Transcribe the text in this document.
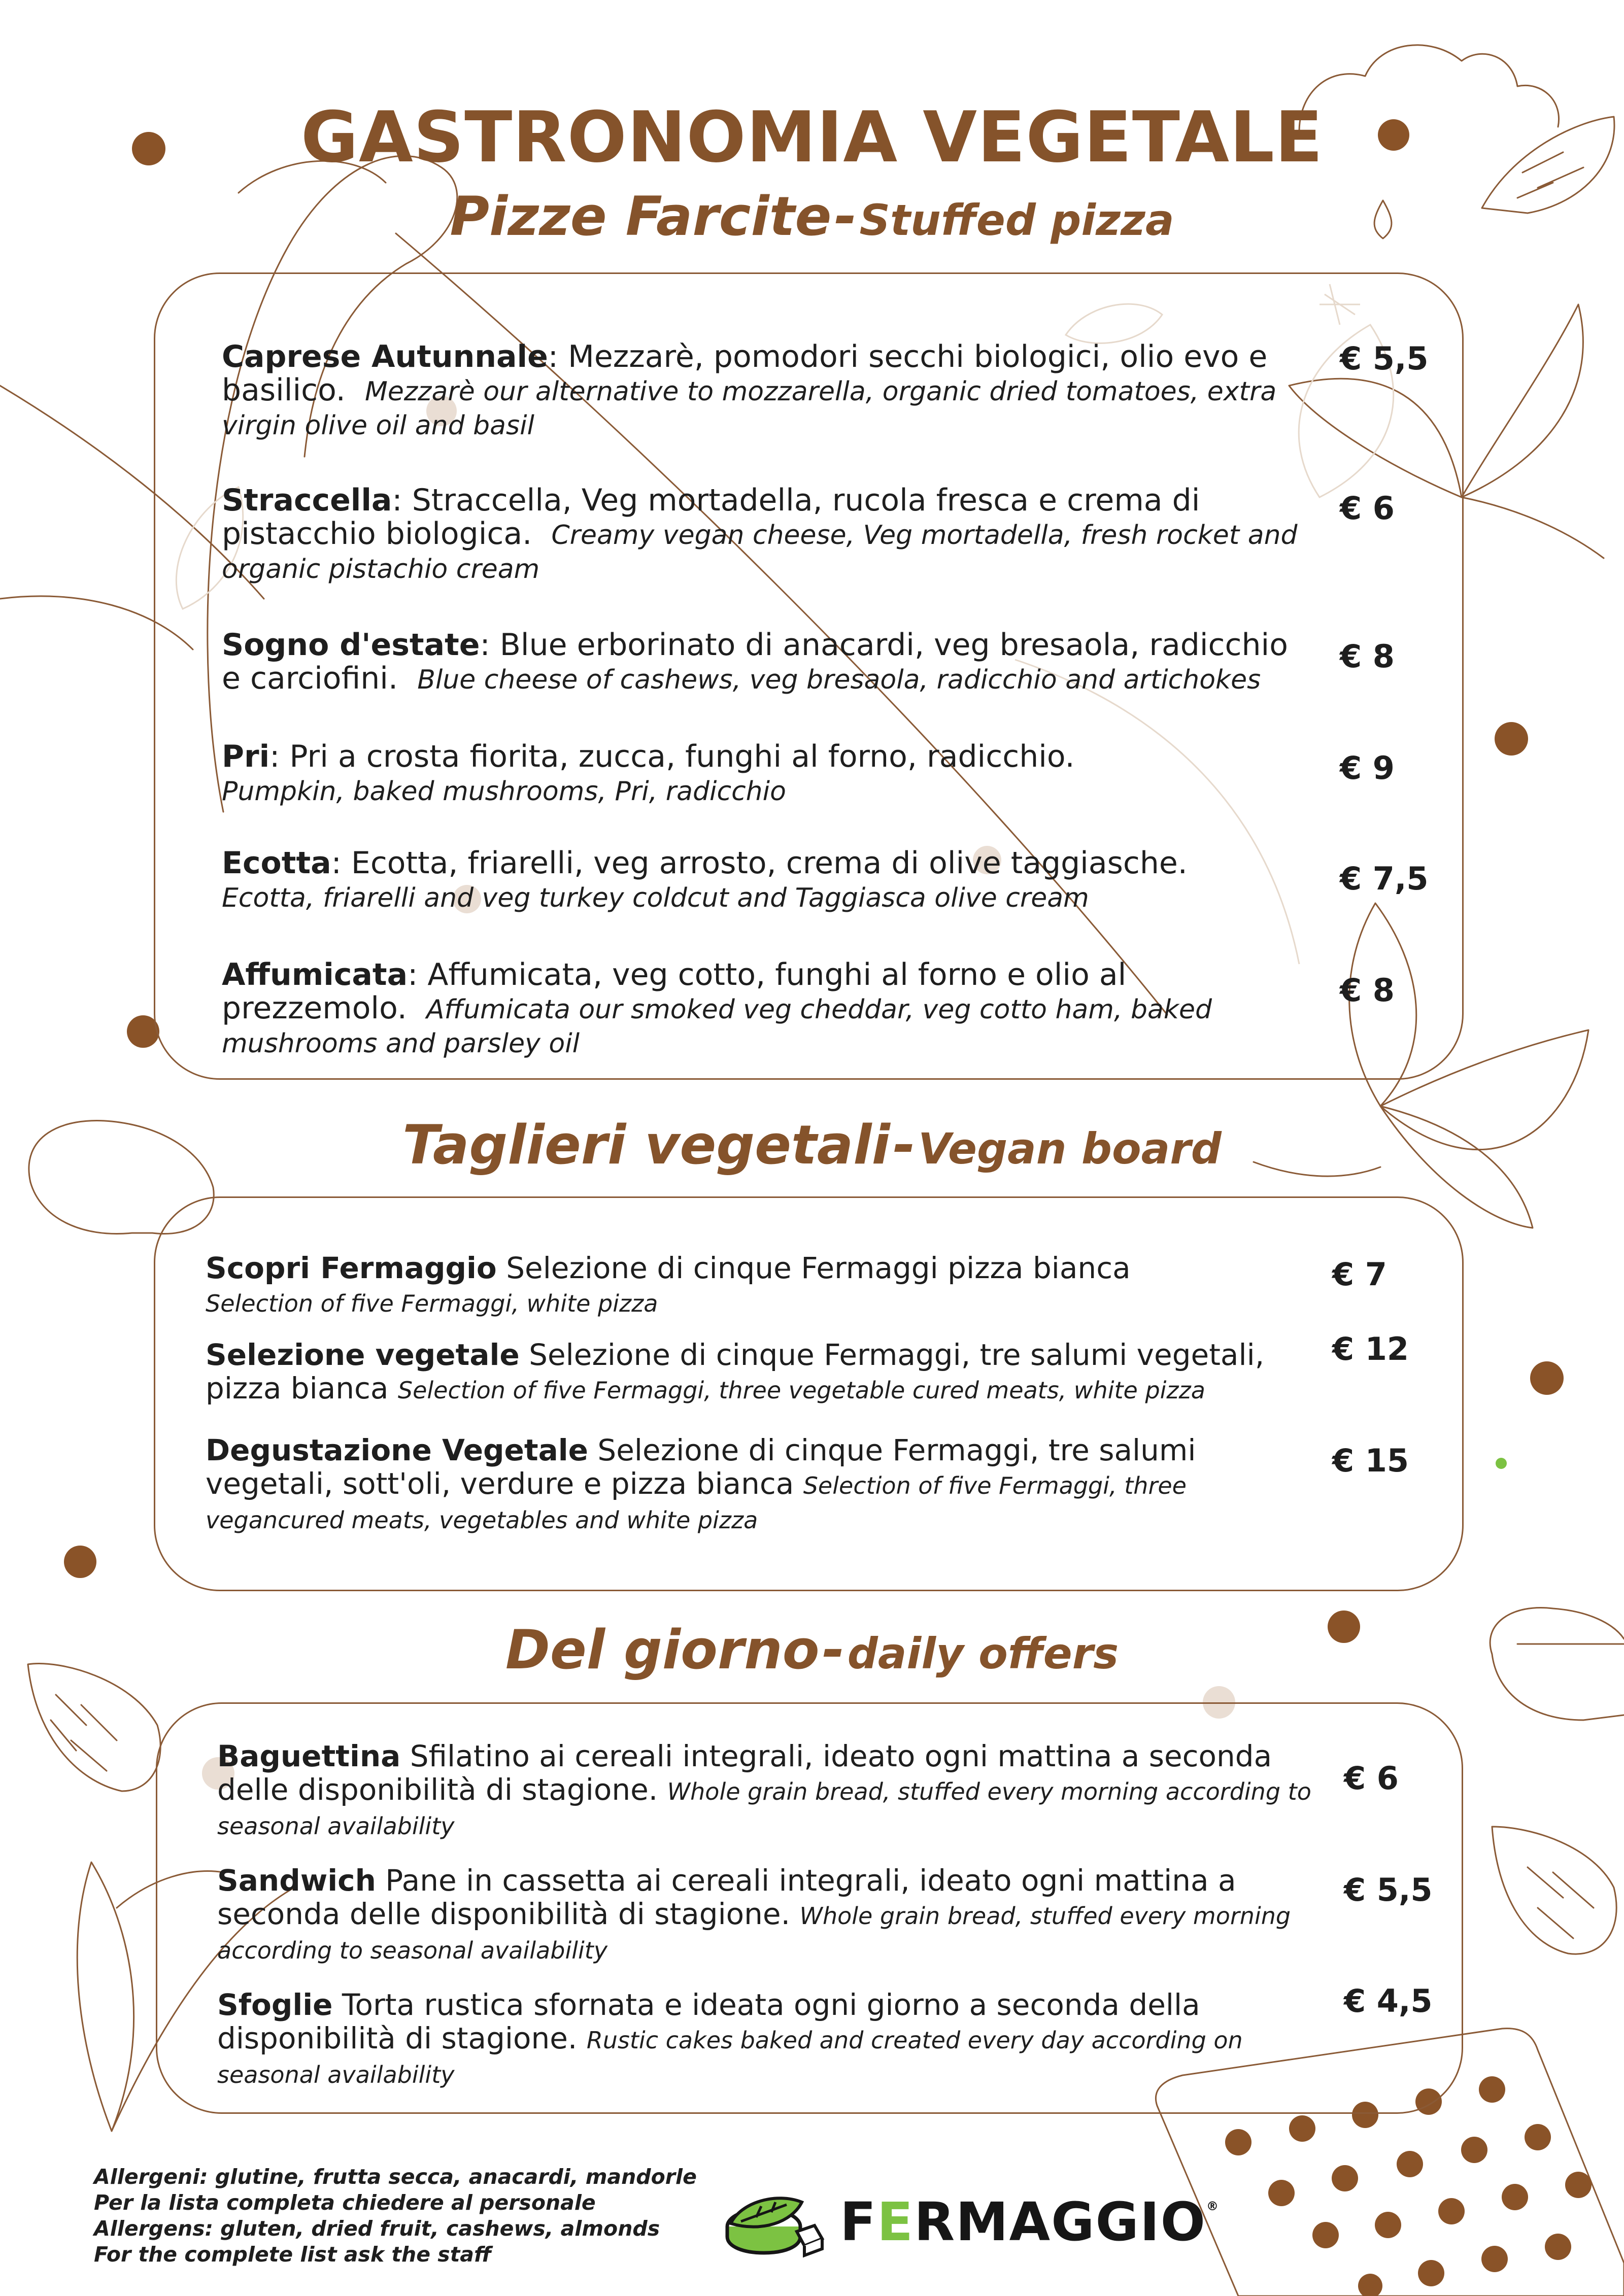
GASTRONOMIA VEGETALE
Pizze Farcite - Stuffed pizza
Caprese Autunnale: Mezzarè, pomodori secchi biologici, olio evo e basilico. Mezzarè our alternative to mozzarella, organic dried tomatoes, extra virgin olive oil and basil
€ 5,5
Straccella: Straccella, Veg mortadella, rucola fresca e crema di pistacchio biologica. Creamy vegan cheese, Veg mortadella, fresh rocket and organic pistachio cream
€ 6
Sogno d'estate: Blue erborinato di anacardi, veg bresaola, radicchio e carciofini. Blue cheese of cashews, veg bresaola, radicchio and artichokes
€ 8
Pri: Pri a crosta fiorita, zucca, funghi al forno, radicchio.
Pumpkin, baked mushrooms, Pri, radicchio
€ 9
Ecotta: Ecotta, friarelli, veg arrosto, crema di olive taggiasche.
Ecotta, friarelli and veg turkey coldcut and Taggiasca olive cream
€ 7,5
Affumicata: Affumicata, veg cotto, funghi al forno e olio al prezzemolo. Affumicata our smoked veg cheddar, veg cotto ham, baked mushrooms and parsley oil
€ 8
Taglieri vegetali - Vegan board
Scopri Fermaggio Selezione di cinque Fermaggi pizza bianca
Selection of five Fermaggi, white pizza
€ 7
Selezione vegetale Selezione di cinque Fermaggi, tre salumi vegetali, pizza bianca Selection of five Fermaggi, three vegetable cured meats, white pizza
€ 12
Degustazione Vegetale Selezione di cinque Fermaggi, tre salumi vegetali, sott'oli, verdure e pizza bianca Selection of five Fermaggi, three vegancured meats, vegetables and white pizza
€ 15
Del giorno - daily offers
Baguettina Sfilatino ai cereali integrali, ideato ogni mattina a seconda delle disponibilità di stagione. Whole grain bread, stuffed every morning according to seasonal availability
€ 6
Sandwich Pane in cassetta ai cereali integrali, ideato ogni mattina a seconda delle disponibilità di stagione. Whole grain bread, stuffed every morning according to seasonal availability
€ 5,5
Sfoglie Torta rustica sfornata e ideata ogni giorno a seconda della disponibilità di stagione. Rustic cakes baked and created every day according on seasonal availability
€ 4,5
Allergeni: glutine, frutta secca, anacardi, mandorle
Per la lista completa chiedere al personale
Allergens: gluten, dried fruit, cashews, almonds
For the complete list ask the staff
FERMAGGIO®
